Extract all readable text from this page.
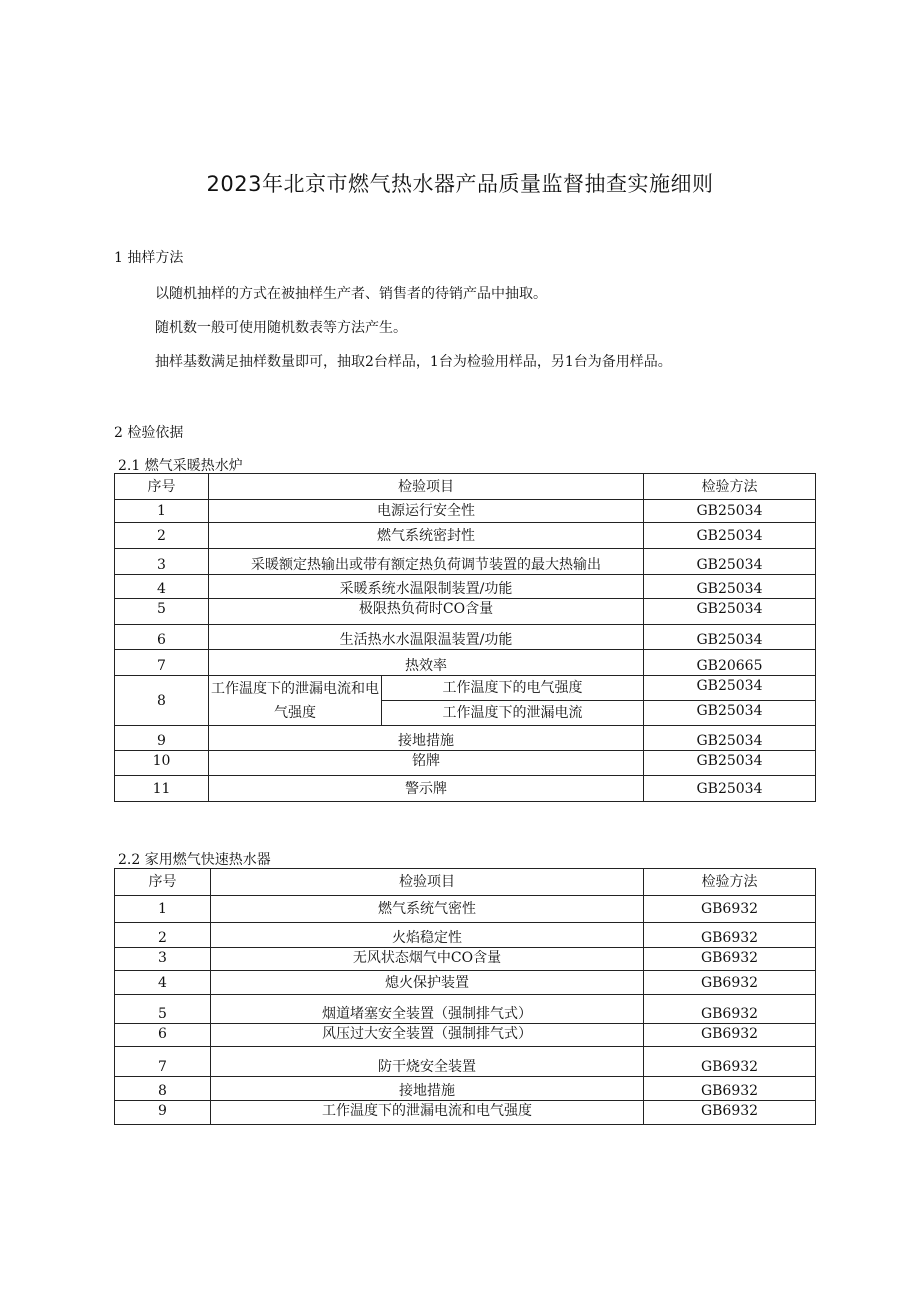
2023年北京市燃气热水器产品质量监督抽查实施细则
1 抽样方法
以随机抽样的方式在被抽样生产者、销售者的待销产品中抽取。
随机数一般可使用随机数表等方法产生。
抽样基数满足抽样数量即可，抽取2台样品，1台为检验用样品，另1台为备用样品。
2 检验依据
2.1 燃气采暖热水炉
序号	检验项目		检验方法
1	电源运行安全性		GB25034
2	燃气系统密封性		GB25034
3	采暖额定热输出或带有额定热负荷调节装置的最大热输出		GB25034
4	采暖系统水温限制装置/功能		GB25034
5	极限热负荷时CO含量		GB25034
6	生活热水水温限温装置/功能		GB25034
7	热效率		GB20665
8	工作温度下的泄漏电流和电气强度	工作温度下的电气强度	GB25034
		工作温度下的泄漏电流	GB25034
9	接地措施		GB25034
10	铭牌		GB25034
11	警示牌		GB25034
2.2 家用燃气快速热水器
序号	检验项目	检验方法
1	燃气系统气密性	GB6932
2	火焰稳定性	GB6932
3	无风状态烟气中CO含量	GB6932
4	熄火保护装置	GB6932
5	烟道堵塞安全装置（强制排气式）	GB6932
6	风压过大安全装置（强制排气式）	GB6932
7	防干烧安全装置	GB6932
8	接地措施	GB6932
9	工作温度下的泄漏电流和电气强度	GB6932
